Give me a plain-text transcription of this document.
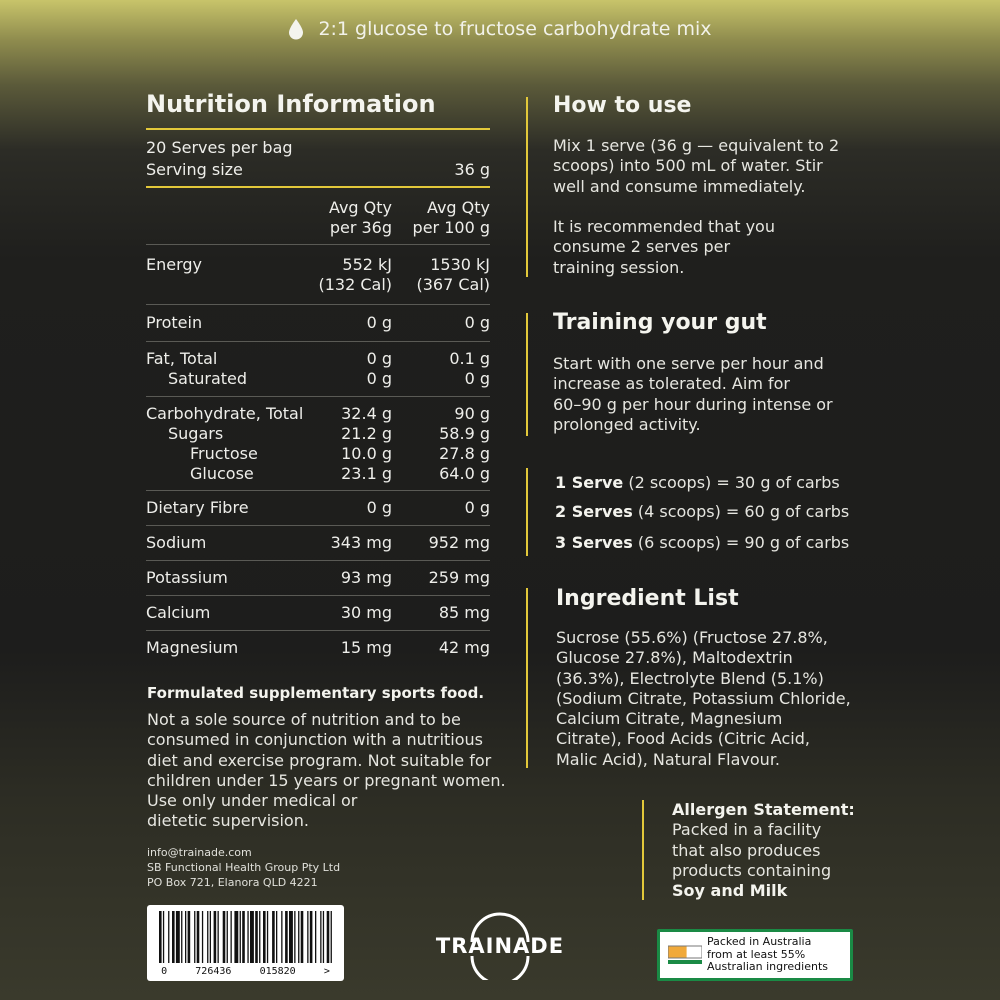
2:1 glucose to fructose carbohydrate mix
Nutrition Information
20 Serves per bag
Serving size	36 g
Avg Qty	Avg Qty
per 36g	per 100 g
Energy	552 kJ	1530 kJ
(132 Cal)	(367 Cal)
Protein	0 g	0 g
Fat, Total	0 g	0.1 g
Saturated	0 g	0 g
Carbohydrate, Total	32.4 g	90 g
Sugars	21.2 g	58.9 g
Fructose	10.0 g	27.8 g
Glucose	23.1 g	64.0 g
Dietary Fibre	0 g	0 g
Sodium	343 mg	952 mg
Potassium	93 mg	259 mg
Calcium	30 mg	85 mg
Magnesium	15 mg	42 mg
How to use
Mix 1 serve (36 g — equivalent to 2
scoops) into 500 mL of water. Stir
well and consume immediately.
It is recommended that you
consume 2 serves per
training session.
Training your gut
Start with one serve per hour and
increase as tolerated. Aim for
60–90 g per hour during intense or
prolonged activity.
1 Serve (2 scoops) = 30 g of carbs
2 Serves (4 scoops) = 60 g of carbs
3 Serves (6 scoops) = 90 g of carbs
Ingredient List
Sucrose (55.6%) (Fructose 27.8%,
Glucose 27.8%), Maltodextrin
(36.3%), Electrolyte Blend (5.1%)
(Sodium Citrate, Potassium Chloride,
Calcium Citrate, Magnesium
Citrate), Food Acids (Citric Acid,
Malic Acid), Natural Flavour.
Allergen Statement:
Packed in a facility
that also produces
products containing
Soy and Milk
Formulated supplementary sports food.
Not a sole source of nutrition and to be
consumed in conjunction with a nutritious
diet and exercise program. Not suitable for
children under 15 years or pregnant women.
Use only under medical or
dietetic supervision.
info@trainade.com
SB Functional Health Group Pty Ltd
PO Box 721, Elanora QLD 4221
0	726436	015820	>
TRAINADE	Packed in Australia
from at least 55%
Australian ingredients
